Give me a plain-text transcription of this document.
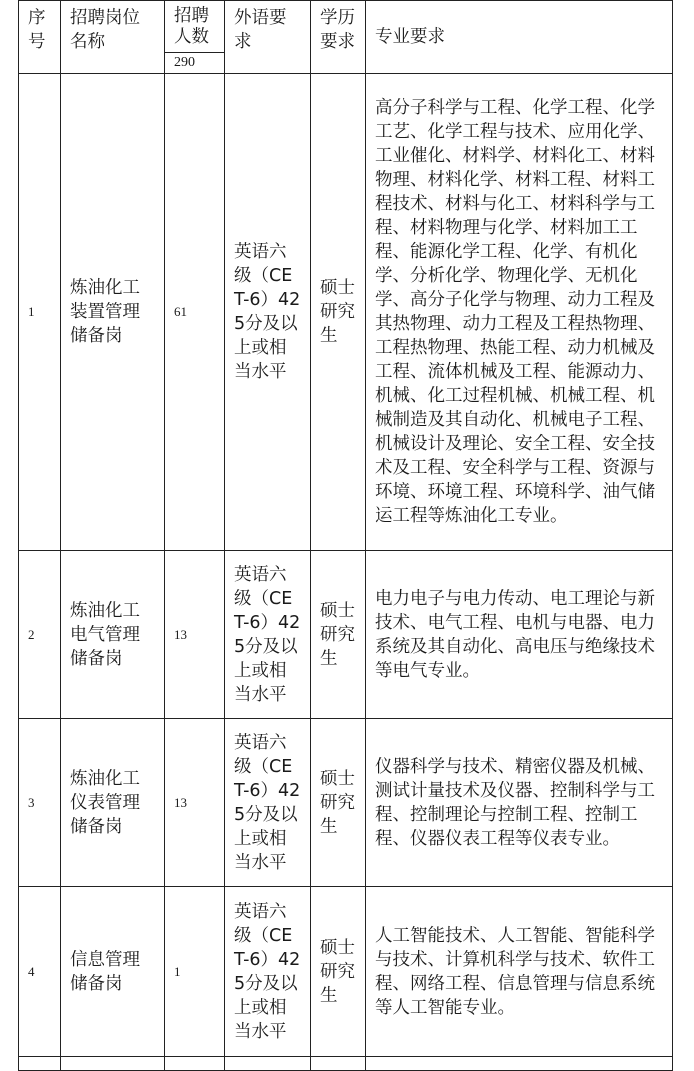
序号	招聘岗位名称	招聘人数	外语要求	学历要求	专业要求
		290			
1	炼油化工装置管理储备岗	61	英语六级（CET-6）425分及以上或相当水平	硕士研究生	高分子科学与工程、化学工程、化学工艺、化学工程与技术、应用化学、工业催化、材料学、材料化工、材料物理、材料化学、材料工程、材料工程技术、材料与化工、材料科学与工程、材料物理与化学、材料加工工程、能源化学工程、化学、有机化学、分析化学、物理化学、无机化学、高分子化学与物理、动力工程及其热物理、动力工程及工程热物理、工程热物理、热能工程、动力机械及工程、流体机械及工程、能源动力、机械、化工过程机械、机械工程、机械制造及其自动化、机械电子工程、机械设计及理论、安全工程、安全技术及工程、安全科学与工程、资源与环境、环境工程、环境科学、油气储运工程等炼油化工专业。
2	炼油化工电气管理储备岗	13	英语六级（CET-6）425分及以上或相当水平	硕士研究生	电力电子与电力传动、电工理论与新技术、电气工程、电机与电器、电力系统及其自动化、高电压与绝缘技术等电气专业。
3	炼油化工仪表管理储备岗	13	英语六级（CET-6）425分及以上或相当水平	硕士研究生	仪器科学与技术、精密仪器及机械、测试计量技术及仪器、控制科学与工程、控制理论与控制工程、控制工程、仪器仪表工程等仪表专业。
4	信息管理储备岗	1	英语六级（CET-6）425分及以上或相当水平	硕士研究生	人工智能技术、人工智能、智能科学与技术、计算机科学与技术、软件工程、网络工程、信息管理与信息系统等人工智能专业。
